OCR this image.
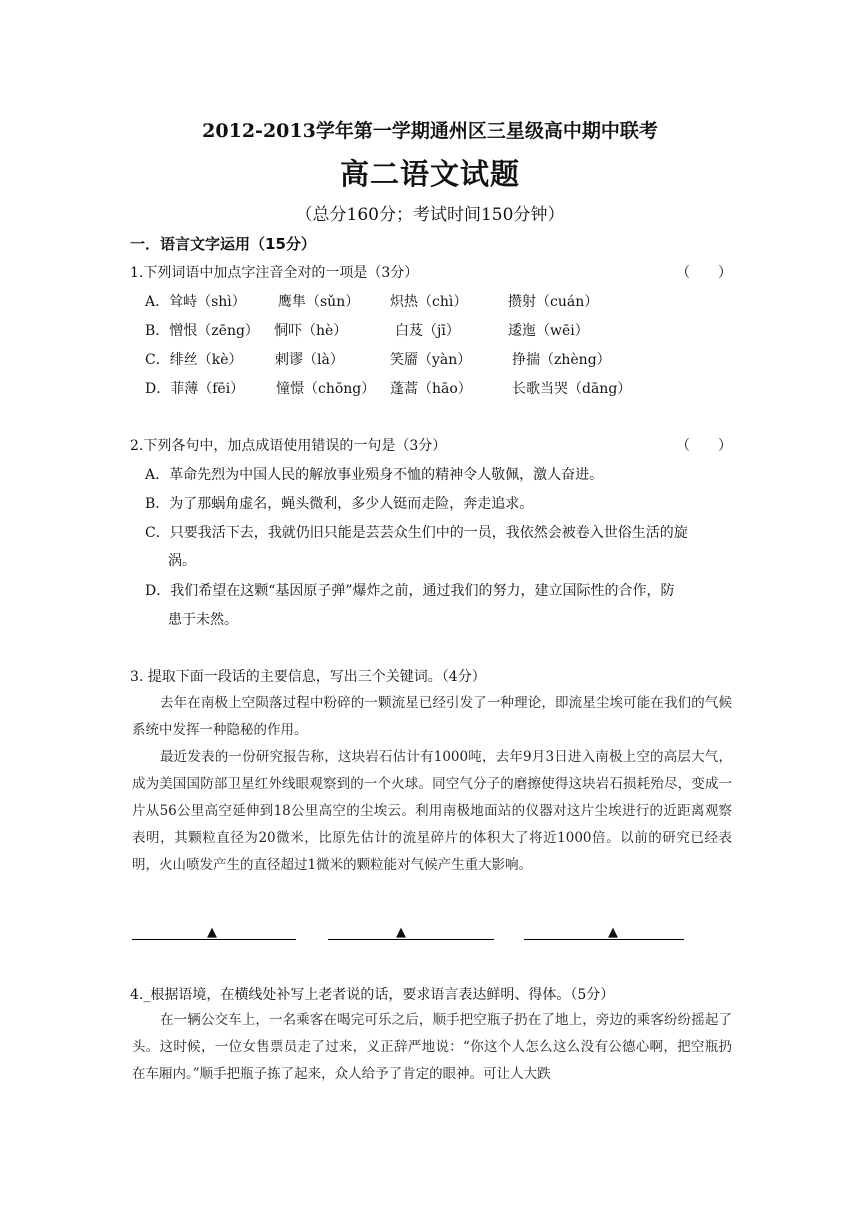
2012-2013学年第一学期通州区三星级高中期中联考
高二语文试题
（总分160分；考试时间150分钟）
一．语言文字运用（15分）
1.下列词语中加点字注音全对的一项是（3分）	（　　）
A．耸峙（shì） 鹰隼（sǔn） 炽热（chì）	攒射（cuán）
B．憎恨（zēng） 恫吓（hè）	白芨（jī）	逶迤（wēi）
C．绯丝（kè） 剌谬（là）	笑靥（yàn）	挣揣（zhèng）
D．菲薄（fēi） 憧憬（chōng） 蓬蒿（hāo）	长歌当哭（dāng）
2.下列各句中，加点成语使用错误的一句是（3分）	（　　）
A．革命先烈为中国人民的解放事业殒身不恤的精神令人敬佩，激人奋进。
B．为了那蜗角虚名，蝇头微利，多少人铤而走险，奔走追求。
C．只要我活下去，我就仍旧只能是芸芸众生们中的一员，我依然会被卷入世俗生活的旋
涡。
D．我们希望在这颗“基因原子弹”爆炸之前，通过我们的努力，建立国际性的合作，防
患于未然。
3. 提取下面一段话的主要信息，写出三个关键词。（4分）
去年在南极上空陨落过程中粉碎的一颗流星已经引发了一种理论，即流星尘埃可能在我们的气候系统中发挥一种隐秘的作用。
最近发表的一份研究报告称，这块岩石估计有1000吨，去年9月3日进入南极上空的高层大气，成为美国国防部卫星红外线眼观察到的一个火球。同空气分子的磨擦使得这块岩石损耗殆尽，变成一片从56公里高空延伸到18公里高空的尘埃云。利用南极地面站的仪器对这片尘埃进行的近距离观察表明，其颗粒直径为20微米，比原先估计的流星碎片的体积大了将近1000倍。以前的研究已经表明，火山喷发产生的直径超过1微米的颗粒能对气候产生重大影响。
▲	▲	▲
4._根据语境，在横线处补写上老者说的话，要求语言表达鲜明、得体。（5分）
在一辆公交车上，一名乘客在喝完可乐之后，顺手把空瓶子扔在了地上，旁边的乘客纷纷摇起了头。这时候，一位女售票员走了过来，义正辞严地说：“你这个人怎么这么没有公德心啊，把空瓶扔在车厢内。”顺手把瓶子拣了起来，众人给予了肯定的眼神。可让人大跌
